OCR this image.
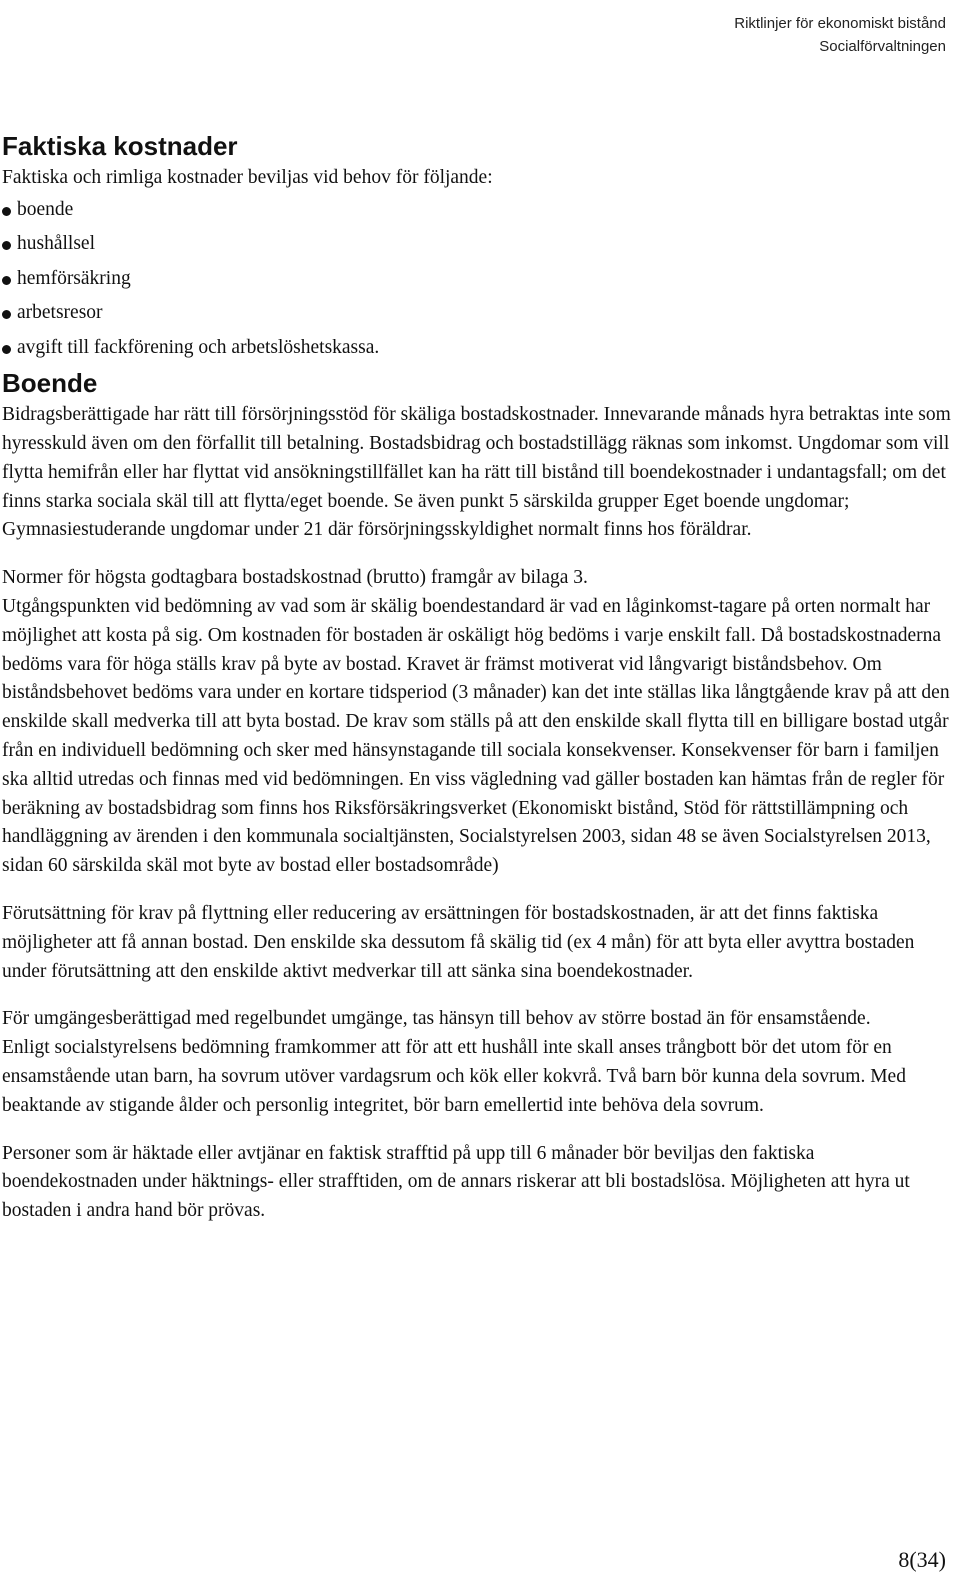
Riktlinjer för ekonomiskt bistånd
Socialförvaltningen
Faktiska kostnader

Faktiska och rimliga kostnader beviljas vid behov för följande:

boende
hushållsel
hemförsäkring
arbetsresor
avgift till fackförening och arbetslöshetskassa.
Boende

Bidragsberättigade har rätt till försörjningsstöd för skäliga bostadskostnader. Innevarande månads hyra betraktas inte som hyresskuld även om den förfallit till betalning. Bostadsbidrag och bostadstillägg räknas som inkomst. Ungdomar som vill flytta hemifrån eller har flyttat vid ansökningstillfället kan ha rätt till bistånd till boendekostnader i undantagsfall; om det finns starka sociala skäl till att flytta/eget boende. Se även punkt 5 särskilda grupper Eget boende ungdomar; Gymnasiestuderande ungdomar under 21 där försörjningsskyldighet normalt finns hos föräldrar.

Normer för högsta godtagbara bostadskostnad (brutto) framgår av bilaga 3.

Utgångspunkten vid bedömning av vad som är skälig boendestandard är vad en låginkomst-tagare på orten normalt har möjlighet att kosta på sig. Om kostnaden för bostaden är oskäligt hög bedöms i varje enskilt fall. Då bostadskostnaderna bedöms vara för höga ställs krav på byte av bostad. Kravet är främst motiverat vid långvarigt biståndsbehov. Om biståndsbehovet bedöms vara under en kortare tidsperiod (3 månader) kan det inte ställas lika långtgående krav på att den enskilde skall medverka till att byta bostad. De krav som ställs på att den enskilde skall flytta till en billigare bostad utgår från en individuell bedömning och sker med hänsynstagande till sociala konsekvenser. Konsekvenser för barn i familjen ska alltid utredas och finnas med vid bedömningen. En viss vägledning vad gäller bostaden kan hämtas från de regler för beräkning av bostadsbidrag som finns hos Riksförsäkringsverket (Ekonomiskt bistånd, Stöd för rättstillämpning och handläggning av ärenden i den kommunala socialtjänsten, Socialstyrelsen 2003, sidan 48 se även Socialstyrelsen 2013, sidan 60 särskilda skäl mot byte av bostad eller bostadsområde)

Förutsättning för krav på flyttning eller reducering av ersättningen för bostadskostnaden, är att det finns faktiska möjligheter att få annan bostad. Den enskilde ska dessutom få skälig tid (ex 4 mån) för att byta eller avyttra bostaden under förutsättning att den enskilde aktivt medverkar till att sänka sina boendekostnader.

För umgängesberättigad med regelbundet umgänge, tas hänsyn till behov av större bostad än för ensamstående.

Enligt socialstyrelsens bedömning framkommer att för att ett hushåll inte skall anses trångbott bör det utom för en ensamstående utan barn, ha sovrum utöver vardagsrum och kök eller kokvrå. Två barn bör kunna dela sovrum. Med beaktande av stigande ålder och personlig integritet, bör barn emellertid inte behöva dela sovrum.

Personer som är häktade eller avtjänar en faktisk strafftid på upp till 6 månader bör beviljas den faktiska boendekostnaden under häktnings- eller strafftiden, om de annars riskerar att bli bostadslösa. Möjligheten att hyra ut bostaden i andra hand bör prövas.

8(34)
